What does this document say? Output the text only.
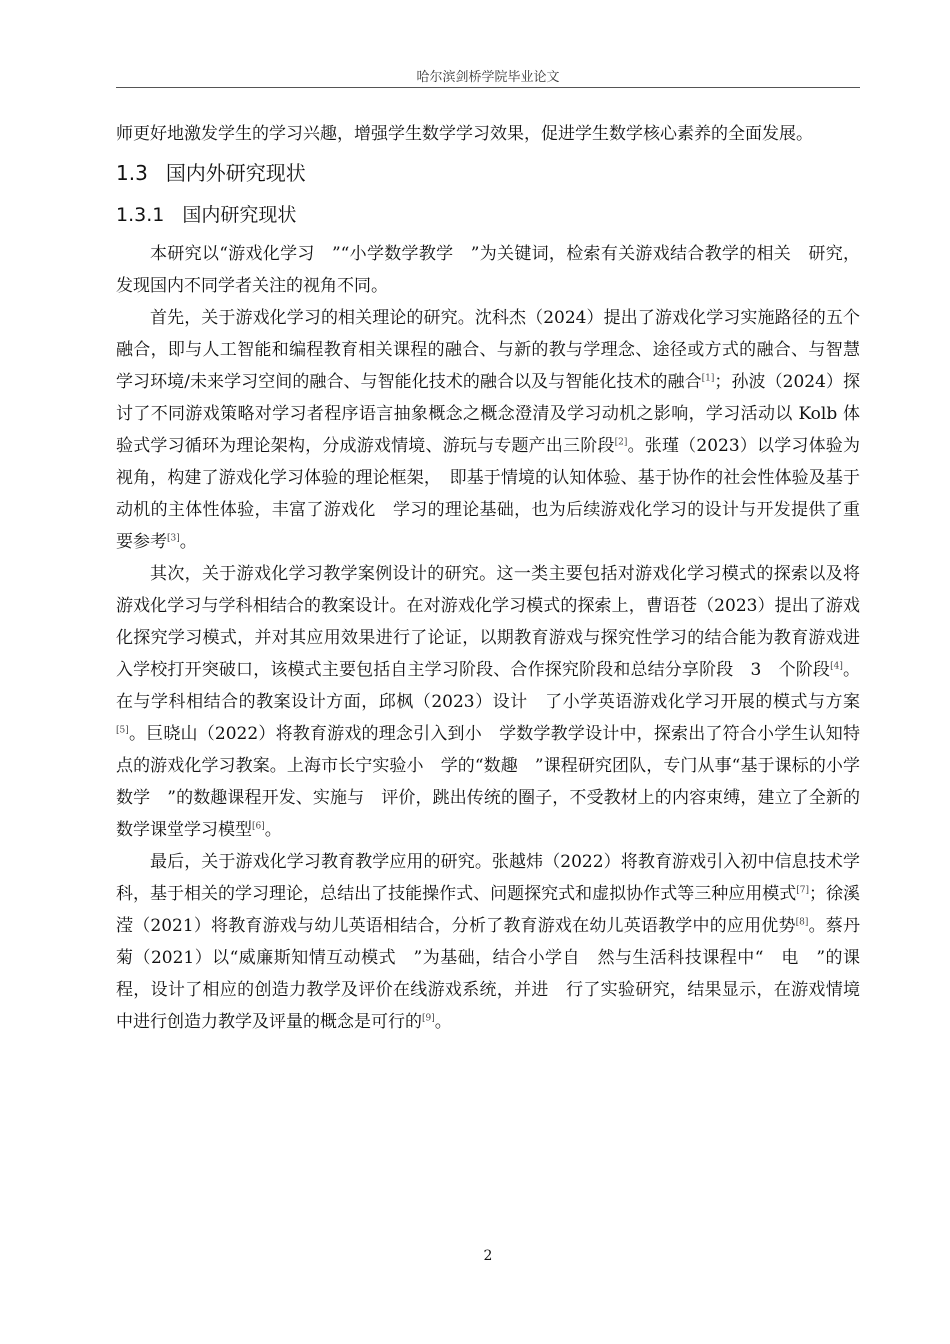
哈尔滨剑桥学院毕业论文

师更好地激发学生的学习兴趣，增强学生数学学习效果，促进学生数学核心素养的全面发展。

1.3 国内外研究现状
1.3.1 国内研究现状

本研究以“游戏化学习　”“小学数学教学　”为关键词，检索有关游戏结合教学的相关　研究，发现国内不同学者关注的视角不同。

首先，关于游戏化学习的相关理论的研究。沈科杰（2024）提出了游戏化学习实施路径的五个融合，即与人工智能和编程教育相关课程的融合、与新的教与学理念、途径或方式的融合、与智慧学习环境/未来学习空间的融合、与智能化技术的融合以及与智能化技术的融合[1]；孙波（2024）探讨了不同游戏策略对学习者程序语言抽象概念之概念澄清及学习动机之影响，学习活动以 Kolb 体验式学习循环为理论架构，分成游戏情境、游玩与专题产出三阶段[2]。张瑾（2023）以学习体验为视角，构建了游戏化学习体验的理论框架，　即基于情境的认知体验、基于协作的社会性体验及基于动机的主体性体验，丰富了游戏化　学习的理论基础，也为后续游戏化学习的设计与开发提供了重要参考[3]。

其次，关于游戏化学习教学案例设计的研究。这一类主要包括对游戏化学习模式的探索以及将游戏化学习与学科相结合的教案设计。在对游戏化学习模式的探索上，曹语苍（2023）提出了游戏化探究学习模式，并对其应用效果进行了论证，以期教育游戏与探究性学习的结合能为教育游戏进入学校打开突破口，该模式主要包括自主学习阶段、合作探究阶段和总结分享阶段　3　个阶段[4]。在与学科相结合的教案设计方面，邱枫（2023）设计　了小学英语游戏化学习开展的模式与方案[5]。巨晓山（2022）将教育游戏的理念引入到小　学数学教学设计中，探索出了符合小学生认知特点的游戏化学习教案。上海市长宁实验小　学的“数趣　”课程研究团队，专门从事“基于课标的小学数学　”的数趣课程开发、实施与　评价，跳出传统的圈子，不受教材上的内容束缚，建立了全新的数学课堂学习模型[6]。

最后，关于游戏化学习教育教学应用的研究。张越炜（2022）将教育游戏引入初中信息技术学科，基于相关的学习理论，总结出了技能操作式、问题探究式和虚拟协作式等三种应用模式[7]；徐溪滢（2021）将教育游戏与幼儿英语相结合，分析了教育游戏在幼儿英语教学中的应用优势[8]。蔡丹菊（2021）以“威廉斯知情互动模式　”为基础，结合小学自　然与生活科技课程中“　电　”的课程，设计了相应的创造力教学及评价在线游戏系统，并进　行了实验研究，结果显示，在游戏情境中进行创造力教学及评量的概念是可行的[9]。

2
